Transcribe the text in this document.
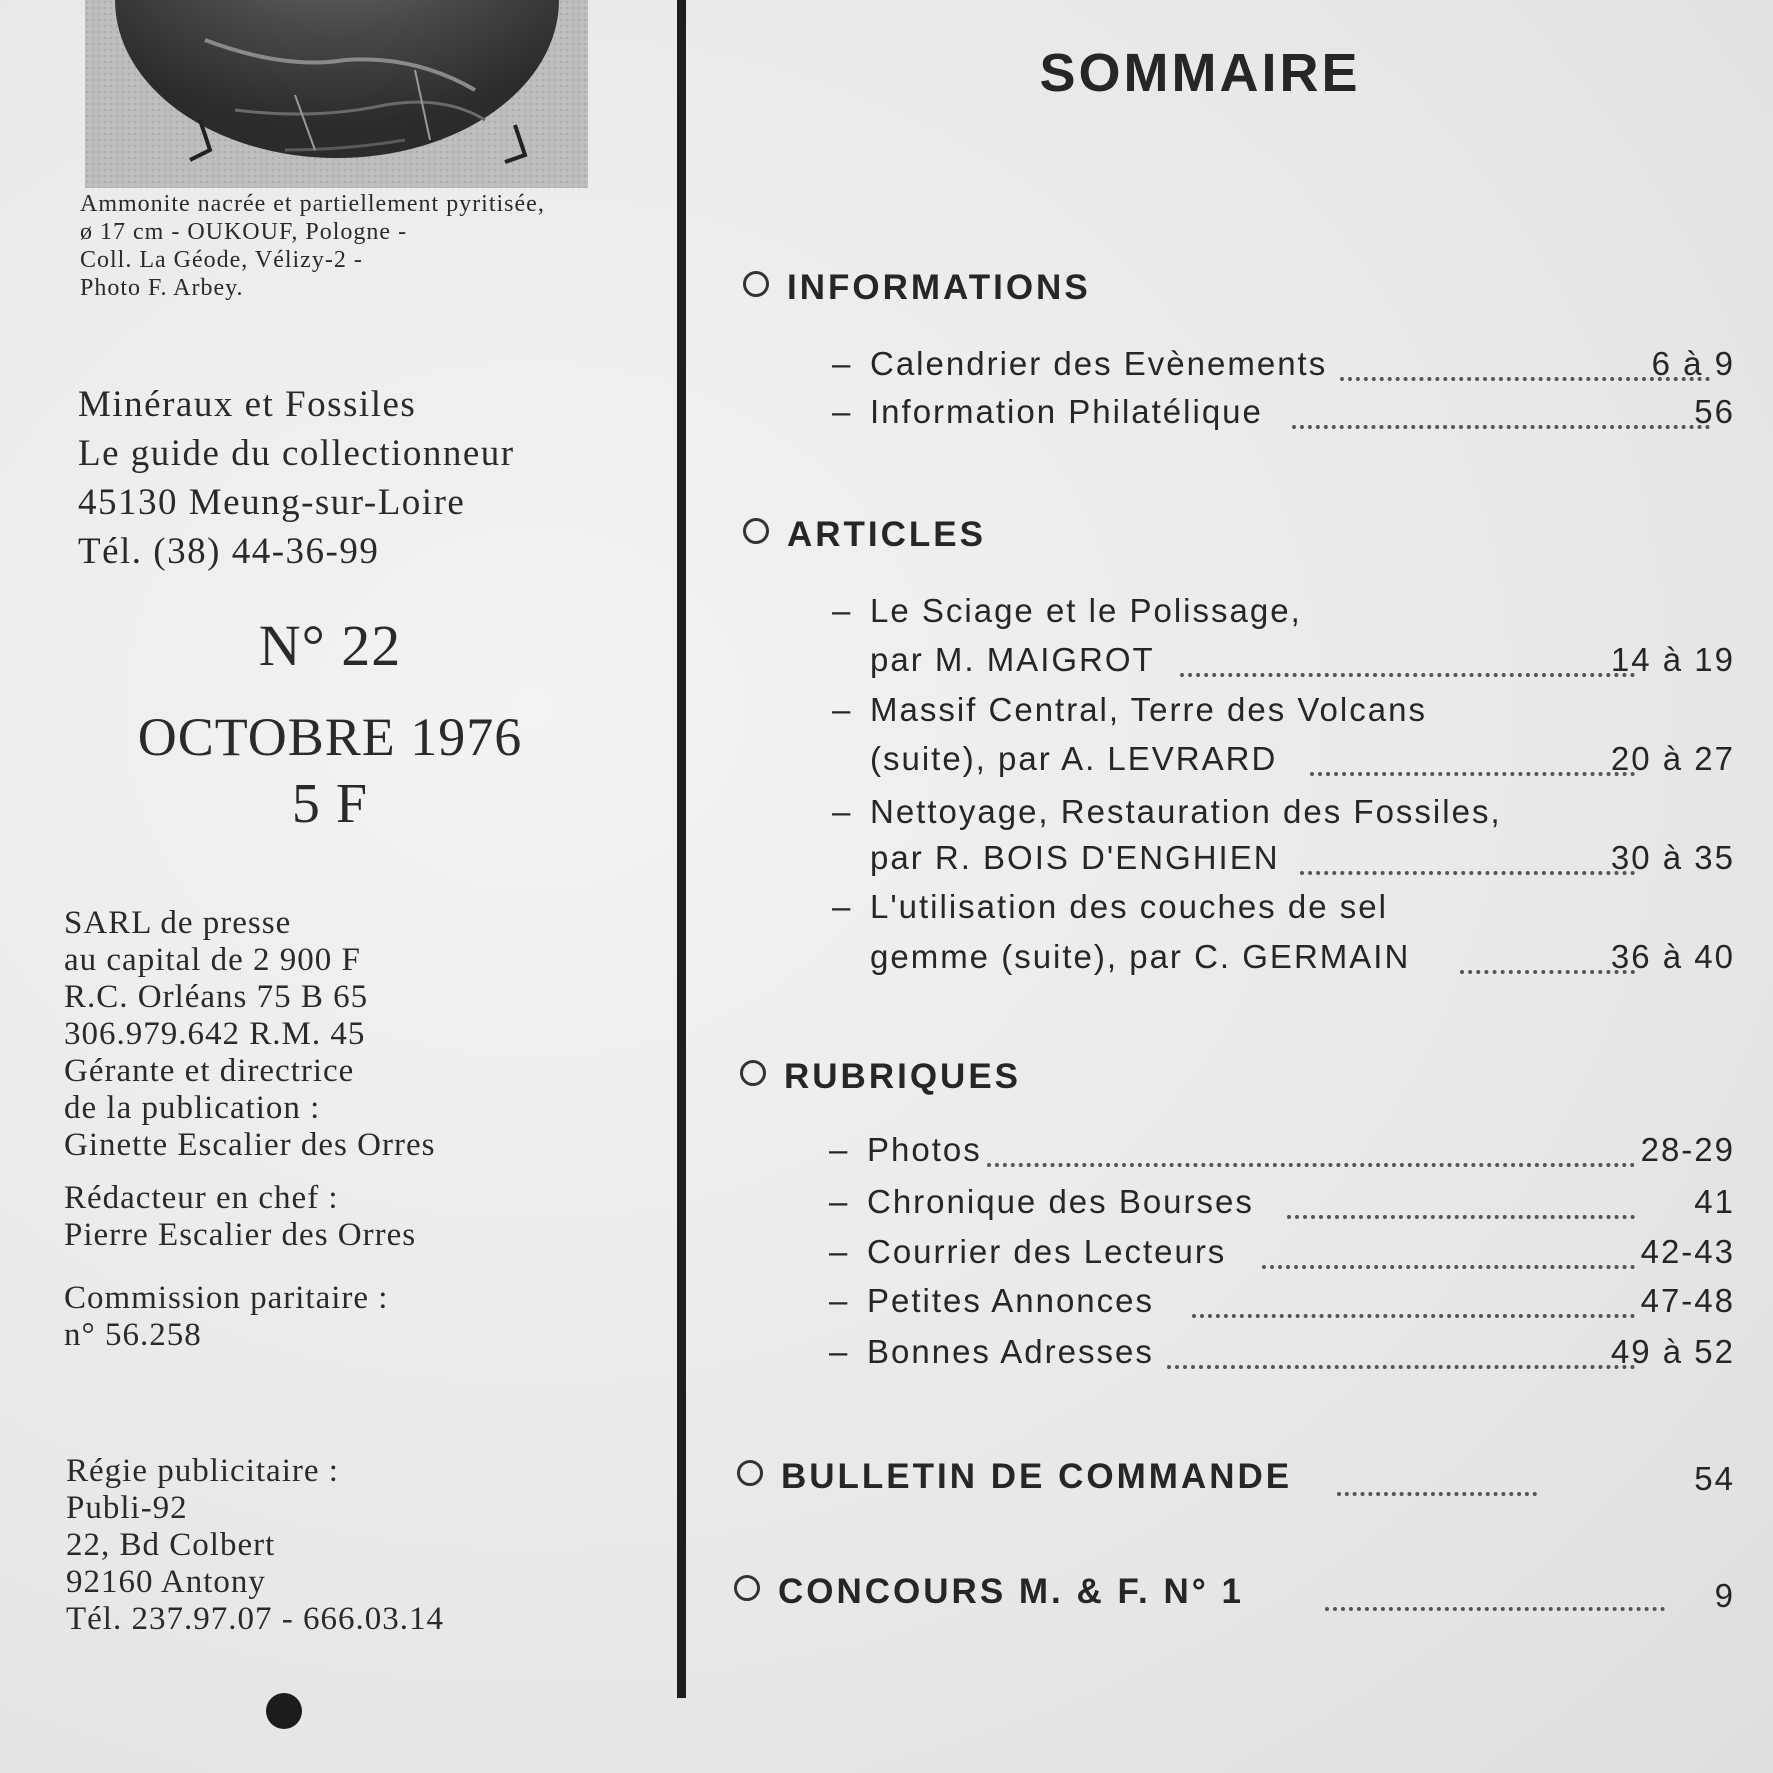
Ammonite nacrée et partiellement pyritisée,
ø 17 cm - OUKOUF, Pologne -
Coll. La Géode, Vélizy-2 -
Photo F. Arbey.
Minéraux et Fossiles
Le guide du collectionneur
45130 Meung-sur-Loire
Tél. (38) 44-36-99
N° 22
OCTOBRE 1976
5 F
SARL de presse
au capital de 2 900 F
R.C. Orléans 75 B 65
306.979.642 R.M. 45
Gérante et directrice
de la publication :
Ginette Escalier des Orres
Rédacteur en chef :
Pierre Escalier des Orres
Commission paritaire :
n° 56.258
Régie publicitaire :
Publi-92
22, Bd Colbert
92160 Antony
Tél. 237.97.07 - 666.03.14
SOMMAIRE
INFORMATIONS
– Calendrier des Evènements	6 à 9
– Information Philatélique	56
ARTICLES
– Le Sciage et le Polissage,
par M. MAIGROT	14 à 19
– Massif Central, Terre des Volcans
(suite), par A. LEVRARD	20 à 27
– Nettoyage, Restauration des Fossiles,
par R. BOIS D'ENGHIEN	30 à 35
– L'utilisation des couches de sel
gemme (suite), par C. GERMAIN	36 à 40
RUBRIQUES
– Photos	28-29
– Chronique des Bourses	41
– Courrier des Lecteurs	42-43
– Petites Annonces	47-48
– Bonnes Adresses	49 à 52
BULLETIN DE COMMANDE	54
CONCOURS M. & F. N° 1	9
